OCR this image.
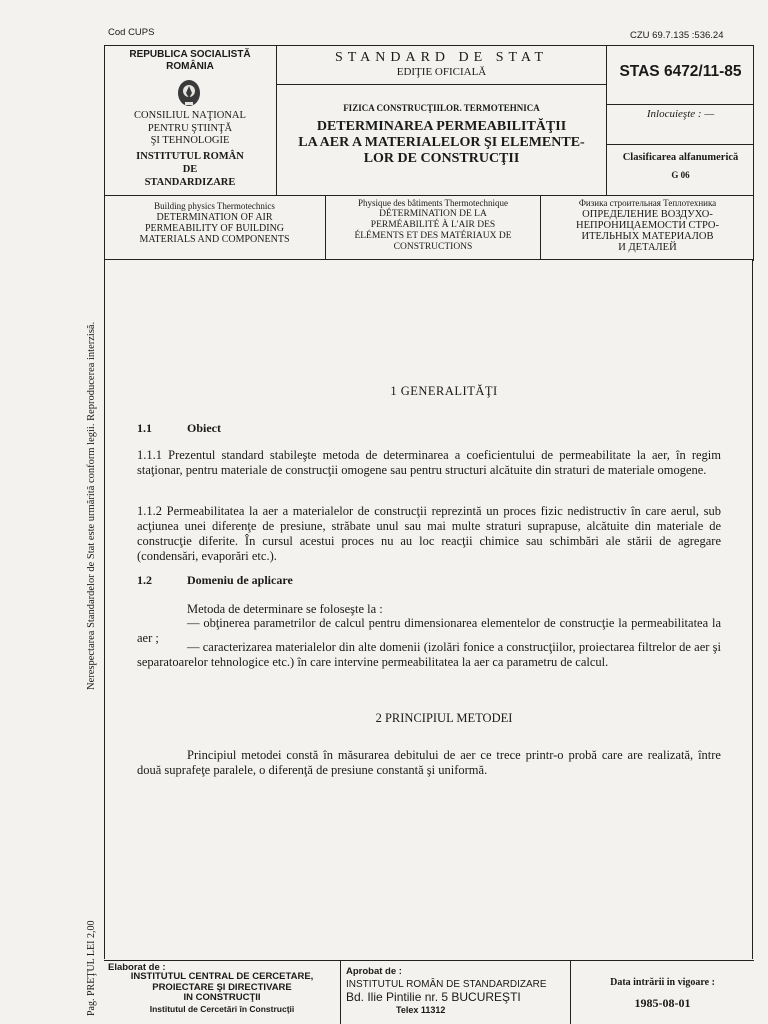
Cod CUPS	CZU 69.7.135 :536.24
REPUBLICA SOCIALISTĂ
ROMÂNIA
CONSILIUL NAŢIONAL
PENTRU ŞTIINŢĂ
ŞI TEHNOLOGIE
INSTITUTUL ROMÂN
DE
STANDARDIZARE
STANDARD DE STAT
EDIŢIE OFICIALĂ
FIZICA CONSTRUCŢIILOR. TERMOTEHNICA
DETERMINAREA PERMEABILITĂŢII
LA AER A MATERIALELOR ŞI ELEMENTE-
LOR DE CONSTRUCŢII
STAS 6472/11-85
Inlocuieşte : —
Clasificarea alfanumerică
G 06
Building physics Thermotechnics
DETERMINATION OF AIR
PERMEABILITY OF BUILDING
MATERIALS AND COMPONENTS
Physique des bâtiments Thermotechnique
DÉTERMINATION DE LA
PERMÉABILITÉ À L'AIR DES
ÉLÉMENTS ET DES MATÉRIAUX DE
CONSTRUCTIONS
Физика строительная Теплотехника
ОПРЕДЕЛЕНИЕ ВОЗДУХО-
НЕПРОНИЦАЕМОСТИ СТРО-
ИТЕЛЬНЫХ МАТЕРИАЛОВ
И ДЕТАЛЕЙ
Nerespectarea Standardelor de Stat este urmărită conform legii. Reproducerea interzisă.
Pag. PREŢUL LEI 2,00
1 GENERALITĂŢI
1.1	Obiect

1.1.1 Prezentul standard stabileşte metoda de determinarea a coeficientului de permeabilitate la aer, în regim staţionar, pentru materiale de construcţii omogene sau pentru structuri alcătuite din straturi de materiale omogene.

1.1.2 Permeabilitatea la aer a materialelor de construcţii reprezintă un proces fizic nedistructiv în care aerul, sub acţiunea unei diferenţe de presiune, străbate unul sau mai multe straturi suprapuse, alcătuite din materiale de construcţie diferite. În cursul acestui proces nu au loc reacţii chimice sau schimbări ale stării de agregare (condensări, evaporări etc.).

1.2	Domeniu de aplicare
Metoda de determinare se foloseşte la :

— obţinerea parametrilor de calcul pentru dimensionarea elementelor de construcţie la permeabilitatea la aer ;

— caracterizarea materialelor din alte domenii (izolări fonice a construcţiilor, proiectarea filtrelor de aer şi separatoarelor tehnologice etc.) în care intervine permeabilitatea la aer ca parametru de calcul.

2 PRINCIPIUL METODEI

Principiul metodei constă în măsurarea debitului de aer ce trece printr-o probă care are realizată, între două suprafeţe paralele, o diferenţă de presiune constantă şi uniformă.

Elaborat de :
INSTITUTUL CENTRAL DE CERCETARE,
PROIECTARE ŞI DIRECTIVARE
IN CONSTRUCŢII
Institutul de Cercetări în Construcţii
Aprobat de :
INSTITUTUL ROMÂN DE STANDARDIZARE
Bd. Ilie Pintilie nr. 5 BUCUREŞTI
Telex 11312
Data intrării in vigoare :
1985-08-01
